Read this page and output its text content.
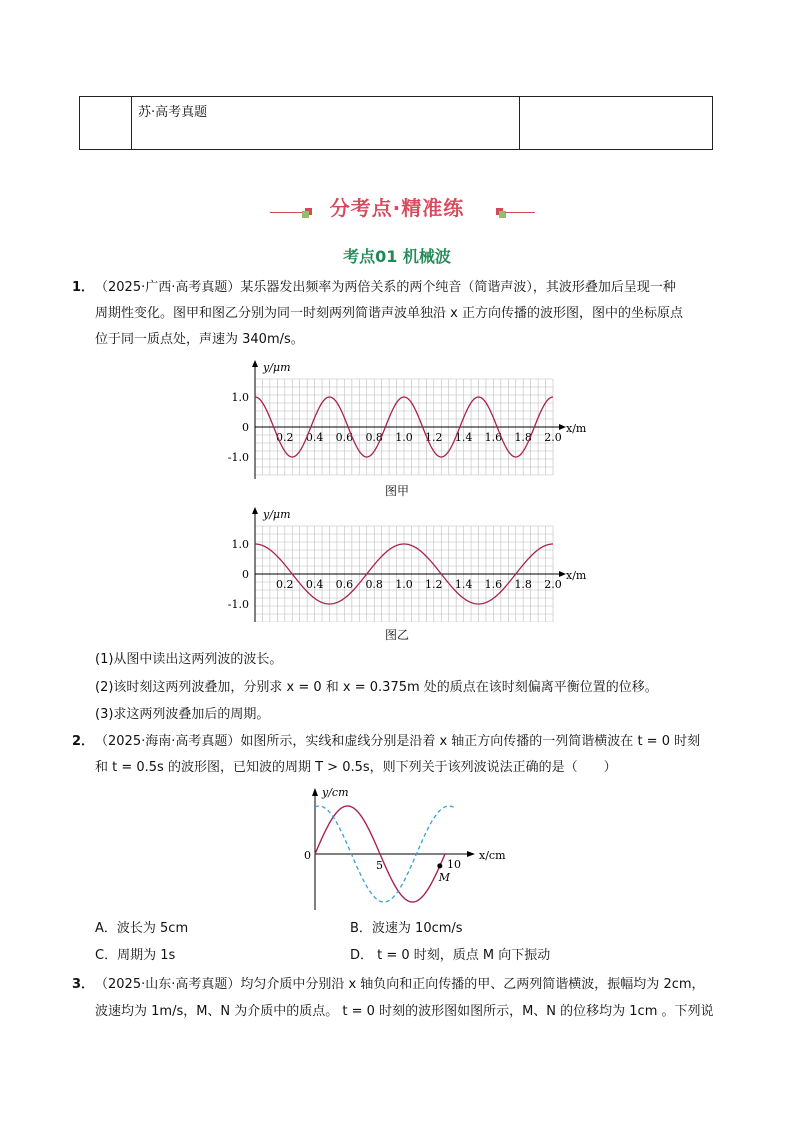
苏·高考真题
分考点·精准练
考点01 机械波
1． （2025·广西·高考真题）某乐器发出频率为两倍关系的两个纯音（简谐声波），其波形叠加后呈现一种
周期性变化。图甲和图乙分别为同一时刻两列简谐声波单独沿 x 正方向传播的波形图，图中的坐标原点
位于同一质点处，声速为 340m/s。
y/μm
x/m
1.0
0
-1.0
0.2 0.4 0.6 0.8 1.0 1.2 1.4 1.6 1.8 2.0
图甲
y/μm
x/m
1.0
0
-1.0
0.2 0.4 0.6 0.8 1.0 1.2 1.4 1.6 1.8 2.0
图乙
(1)从图中读出这两列波的波长。
(2)该时刻这两列波叠加，分别求 x = 0 和 x = 0.375m 处的质点在该时刻偏离平衡位置的位移。
(3)求这两列波叠加后的周期。
2． （2025·海南·高考真题）如图所示，实线和虚线分别是沿着 x 轴正方向传播的一列简谐横波在 t = 0 时刻
和 t = 0.5s 的波形图，已知波的周期 T > 0.5s，则下列关于该列波说法正确的是（　　）
y/cm
x/cm
0
5	10
M
A．波长为 5cm	B．波速为 10cm/s
C．周期为 1s	D． t = 0 时刻，质点 M 向下振动
3． （2025·山东·高考真题）均匀介质中分别沿 x 轴负向和正向传播的甲、乙两列简谐横波，振幅均为 2cm，
波速均为 1m/s，M、N 为介质中的质点。 t = 0 时刻的波形图如图所示，M、N 的位移均为 1cm 。下列说
